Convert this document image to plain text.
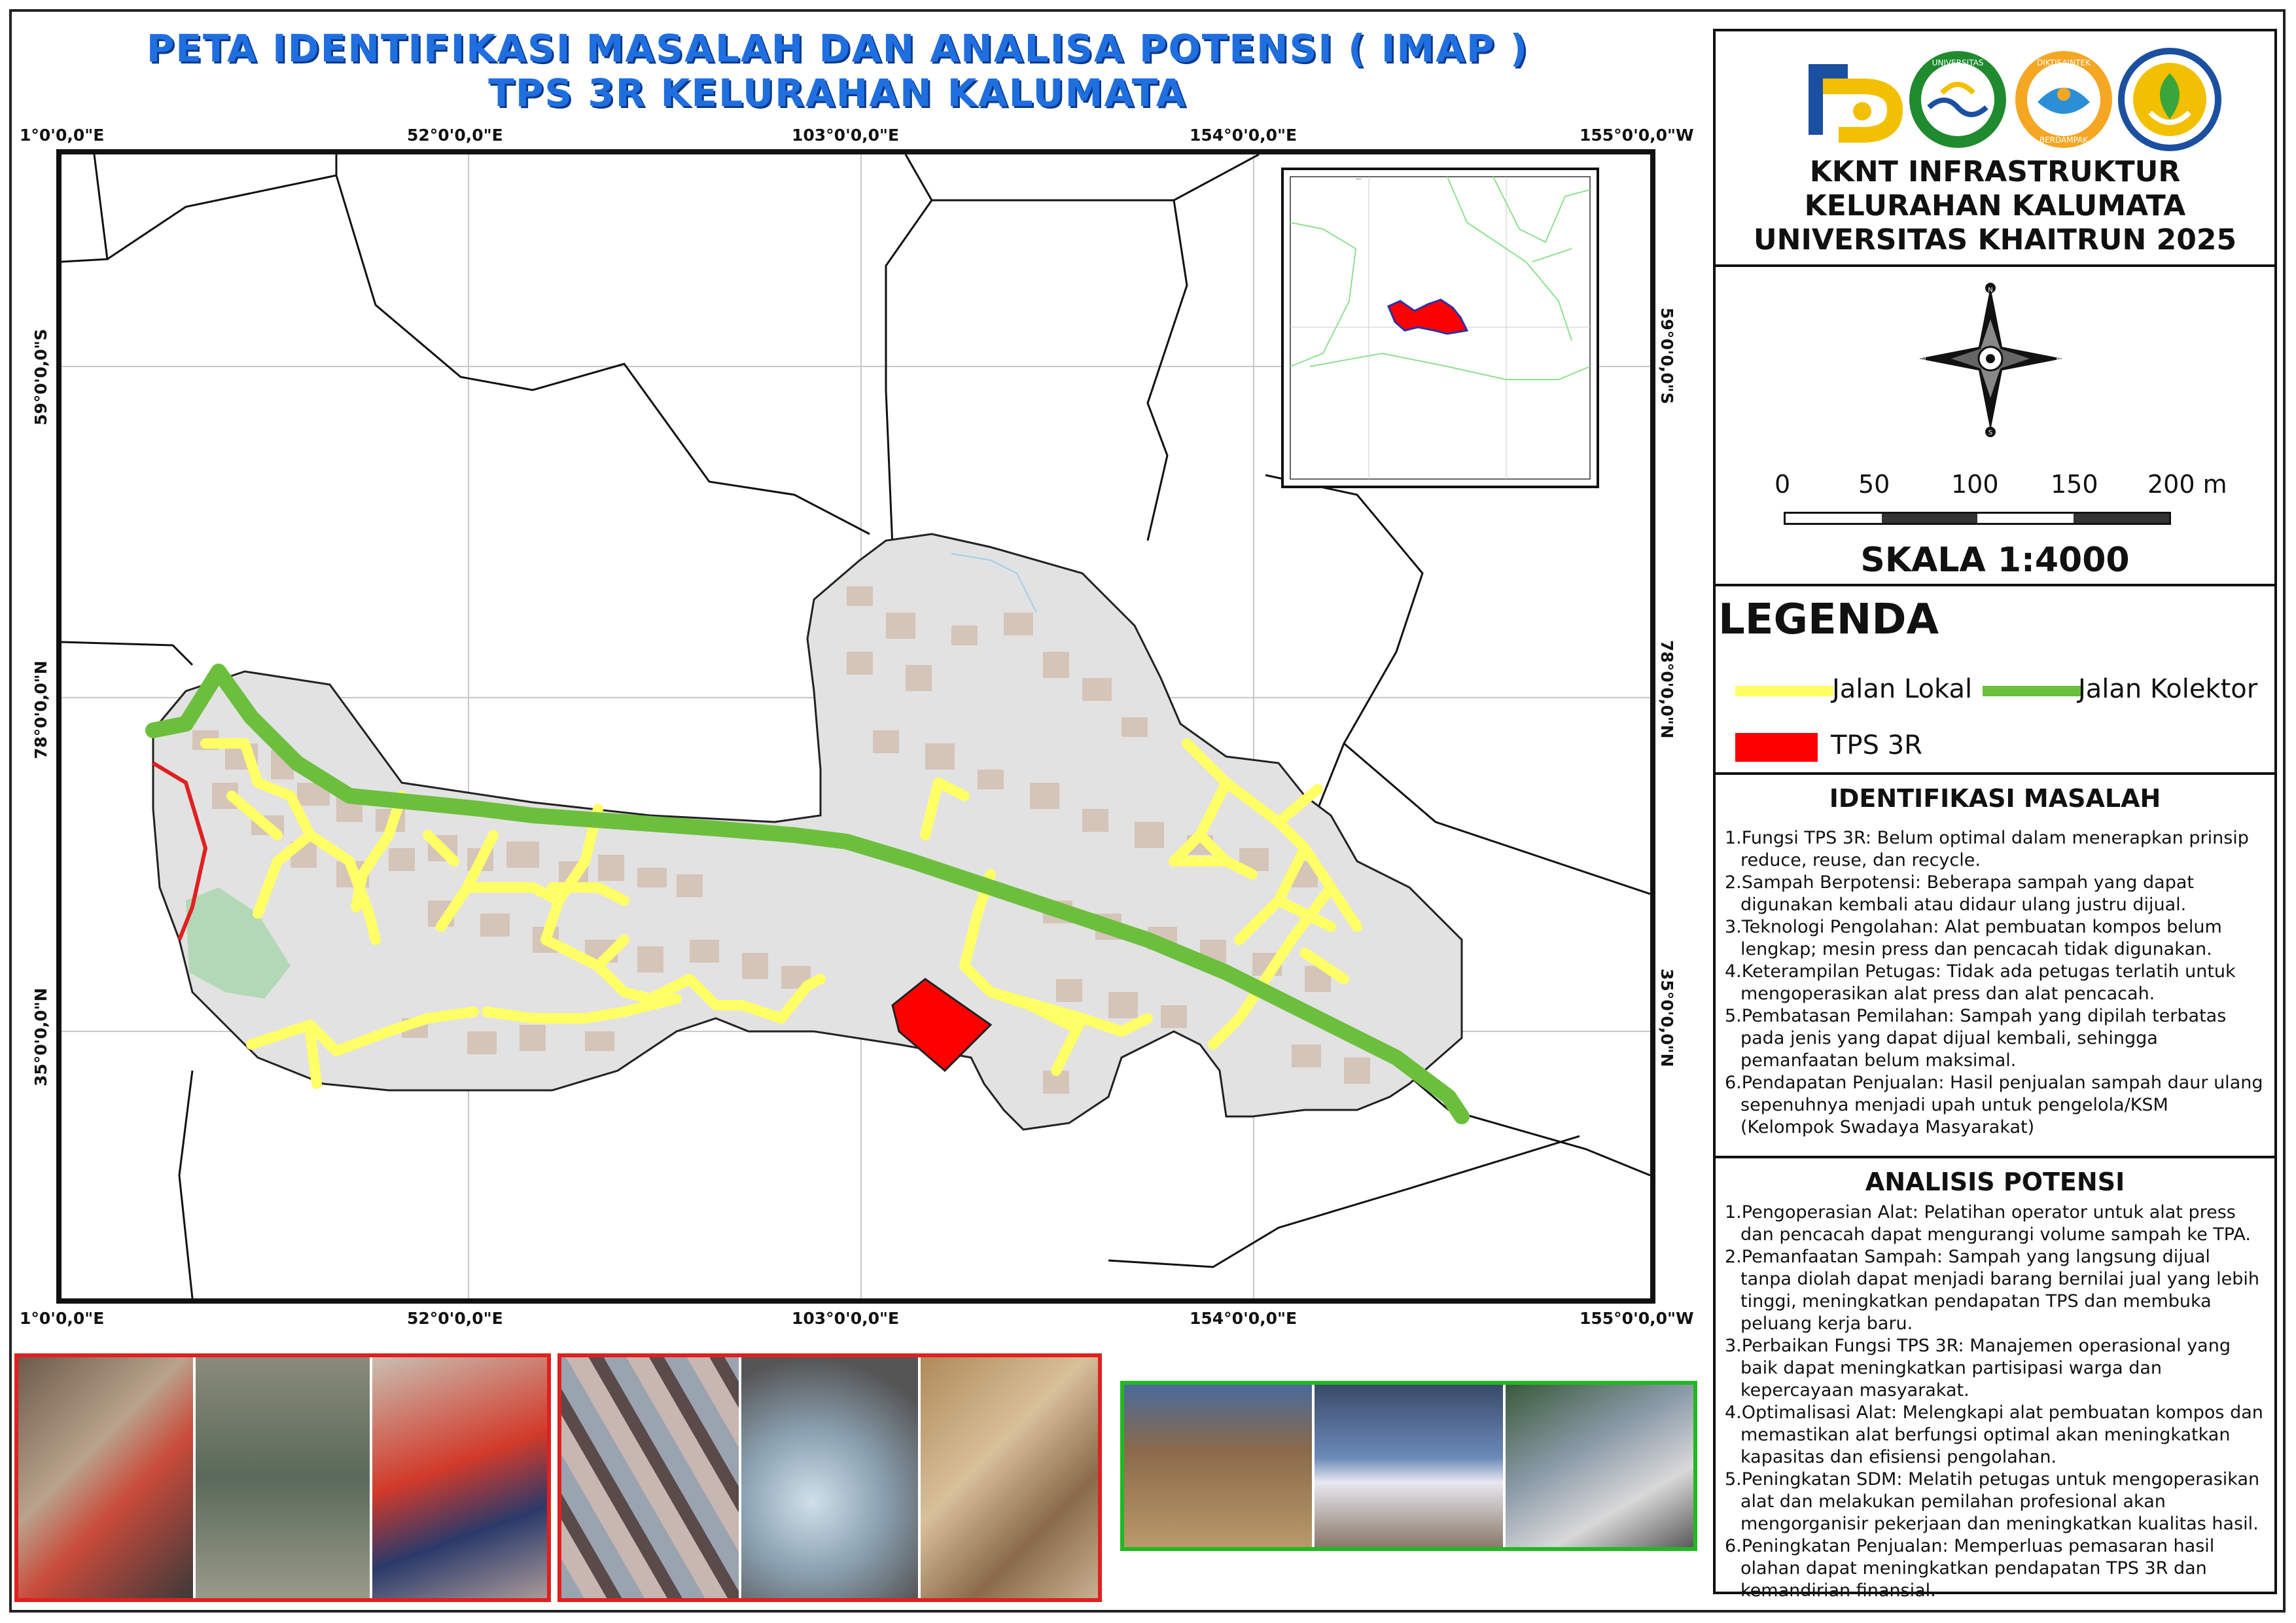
PETA IDENTIFIKASI MASALAH DAN ANALISA POTENSI ( IMAP )
TPS 3R KELURAHAN KALUMATA
1°0'0,0"E	52°0'0,0"E	103°0'0,0"E	154°0'0,0"E	155°0'0,0"W
1°0'0,0"E	52°0'0,0"E	103°0'0,0"E	154°0'0,0"E	155°0'0,0"W
59°0'0,0"S
78°0'0,0"N
35°0'0,0"N
59°0'0,0"S
78°0'0,0"N
35°0'0,0"N
──
UNIVERSITAS	DIKTISAINTEK
BERDAMPAK
KKNT INFRASTRUKTUR
KELURAHAN KALUMATA
UNIVERSITAS KHAITRUN 2025
N
S
W	E
0	50 100 150 200 m
SKALA 1:4000
LEGENDA
Jalan Lokal	Jalan Kolektor
TPS 3R
IDENTIFIKASI MASALAH
1.Fungsi TPS 3R: Belum optimal dalam menerapkan prinsip reduce, reuse, dan recycle.
2.Sampah Berpotensi: Beberapa sampah yang dapat digunakan kembali atau didaur ulang justru dijual.
3.Teknologi Pengolahan: Alat pembuatan kompos belum lengkap; mesin press dan pencacah tidak digunakan.
4.Keterampilan Petugas: Tidak ada petugas terlatih untuk mengoperasikan alat press dan alat pencacah.
5.Pembatasan Pemilahan: Sampah yang dipilah terbatas pada jenis yang dapat dijual kembali, sehingga pemanfaatan belum maksimal.
6.Pendapatan Penjualan: Hasil penjualan sampah daur ulang sepenuhnya menjadi upah untuk pengelola/KSM (Kelompok Swadaya Masyarakat)
ANALISIS POTENSI
1.Pengoperasian Alat: Pelatihan operator untuk alat press dan pencacah dapat mengurangi volume sampah ke TPA.
2.Pemanfaatan Sampah: Sampah yang langsung dijual tanpa diolah dapat menjadi barang bernilai jual yang lebih tinggi, meningkatkan pendapatan TPS dan membuka peluang kerja baru.
3.Perbaikan Fungsi TPS 3R: Manajemen operasional yang baik dapat meningkatkan partisipasi warga dan kepercayaan masyarakat.
4.Optimalisasi Alat: Melengkapi alat pembuatan kompos dan memastikan alat berfungsi optimal akan meningkatkan kapasitas dan efisiensi pengolahan.
5.Peningkatan SDM: Melatih petugas untuk mengoperasikan alat dan melakukan pemilahan profesional akan mengorganisir pekerjaan dan meningkatkan kualitas hasil.
6.Peningkatan Penjualan: Memperluas pemasaran hasil olahan dapat meningkatkan pendapatan TPS 3R dan kemandirian finansial.
